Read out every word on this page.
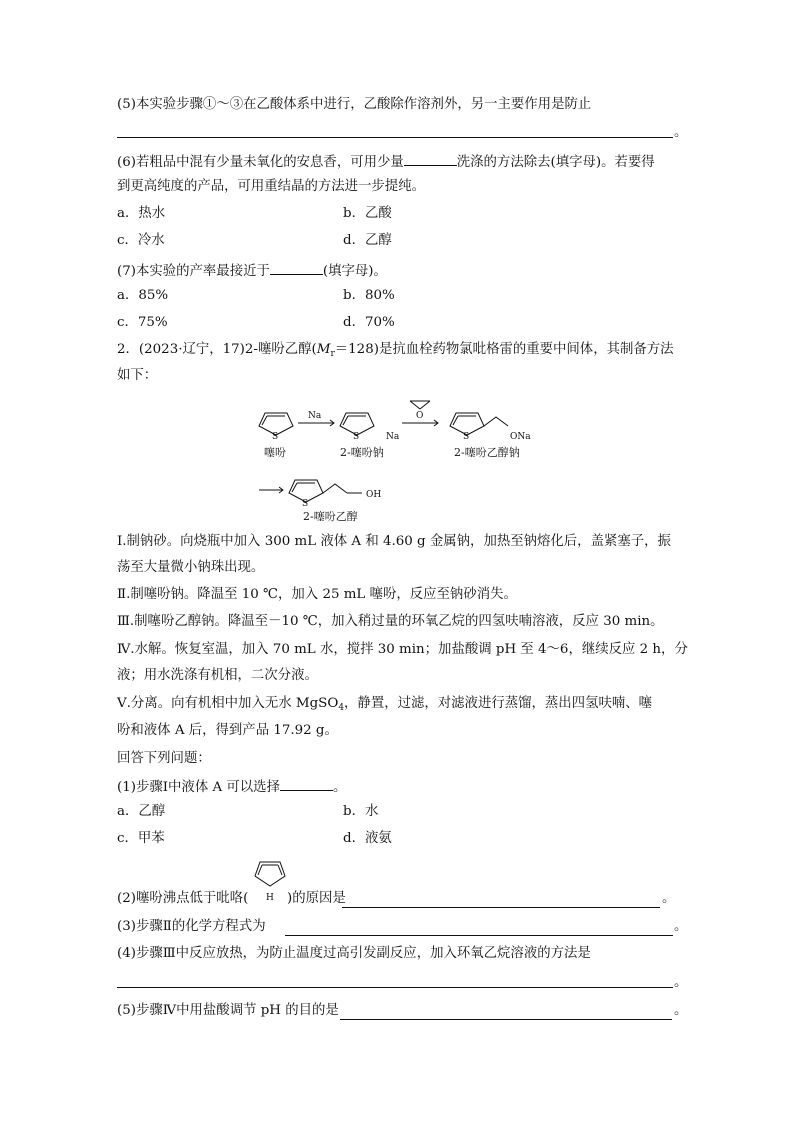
(5)本实验步骤①～③在乙酸体系中进行，乙酸除作溶剂外，另一主要作用是防止
。
(6)若粗品中混有少量未氧化的安息香，可用少量	洗涤的方法除去(填字母)。若要得
到更高纯度的产品，可用重结晶的方法进一步提纯。
a．热水	b．乙酸
c．冷水	d．乙醇
(7)本实验的产率最接近于	(填字母)。
a．85%	b．80%
c．75%	d．70%
2．(2023·辽宁，17)2-噻吩乙醇$(M_r=128)$是抗血栓药物氯吡格雷的重要中间体，其制备方法
如下：
S
噻吩
Na
S	Na
2-噻吩钠
O
S	ONa
2-噻吩乙醇钠
S
OH
2-噻吩乙醇
Ⅰ.制钠砂。向烧瓶中加入 300 mL 液体 A 和 4.60 g 金属钠，加热至钠熔化后，盖紧塞子，振
荡至大量微小钠珠出现。
Ⅱ.制噻吩钠。降温至 10 ℃，加入 25 mL 噻吩，反应至钠砂消失。
Ⅲ.制噻吩乙醇钠。降温至－10 ℃，加入稍过量的环氧乙烷的四氢呋喃溶液，反应 30 min。
Ⅳ.水解。恢复室温，加入 70 mL 水，搅拌 30 min；加盐酸调 pH 至 4～6，继续反应 2 h，分
液；用水洗涤有机相，二次分液。
Ⅴ.分离。向有机相中加入无水 MgSO$_4$，静置，过滤，对滤液进行蒸馏，蒸出四氢呋喃、噻
吩和液体 A 后，得到产品 17.92 g。
回答下列问题：
(1)步骤Ⅰ中液体 A 可以选择	。
a．乙醇	b．水
c．甲苯	d．液氨
(2)噻吩沸点低于吡咯( H )的原因是	。
(3)步骤Ⅱ的化学方程式为	。
(4)步骤Ⅲ中反应放热，为防止温度过高引发副反应，加入环氧乙烷溶液的方法是
。
(5)步骤Ⅳ中用盐酸调节 pH 的目的是	。
